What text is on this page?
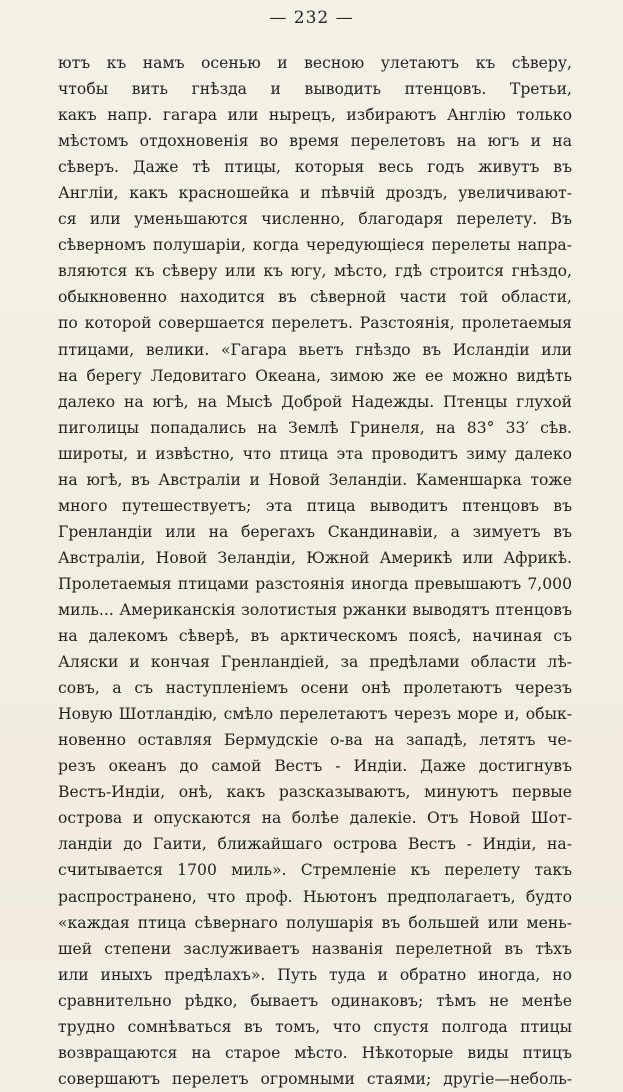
— 232 —
ютъ къ намъ осенью и весною улетаютъ къ сѣверу,
чтобы вить гнѣзда и выводить птенцовъ. Третьи,
какъ напр. гагара или нырецъ, избираютъ Англію только
мѣстомъ отдохновенія во время перелетовъ на югъ и на
сѣверъ. Даже тѣ птицы, которыя весь годъ живутъ въ
Англіи, какъ красношейка и пѣвчій дроздъ, увеличивают-
ся или уменьшаются численно, благодаря перелету. Въ
сѣверномъ полушаріи, когда чередующіеся перелеты напра-
вляются къ сѣверу или къ югу, мѣсто, гдѣ строится гнѣздо,
обыкновенно находится въ сѣверной части той области,
по которой совершается перелетъ. Разстоянія, пролетаемыя
птицами, велики. «Гагара вьетъ гнѣздо въ Исландіи или
на берегу Ледовитаго Океана, зимою же ее можно видѣть
далеко на югѣ, на Мысѣ Доброй Надежды. Птенцы глухой
пиголицы попадались на Землѣ Гринеля, на 83° 33′ сѣв.
широты, и извѣстно, что птица эта проводитъ зиму далеко
на югѣ, въ Австраліи и Новой Зеландіи. Каменшарка тоже
много путешествуетъ; эта птица выводитъ птенцовъ въ
Гренландіи или на берегахъ Скандинавіи, а зимуетъ въ
Австраліи, Новой Зеландіи, Южной Америкѣ или Африкѣ.
Пролетаемыя птицами разстоянія иногда превышаютъ 7,000
миль... Американскія золотистыя ржанки выводятъ птенцовъ
на далекомъ сѣверѣ, въ арктическомъ поясѣ, начиная съ
Аляски и кончая Гренландіей, за предѣлами области лѣ-
совъ, а съ наступленіемъ осени онѣ пролетаютъ черезъ
Новую Шотландію, смѣло перелетаютъ черезъ море и, обык-
новенно оставляя Бермудскіе о-ва на западѣ, летятъ че-
резъ океанъ до самой Вестъ - Индіи. Даже достигнувъ
Вестъ-Индіи, онѣ, какъ разсказываютъ, минуютъ первые
острова и опускаются на болѣе далекіе. Отъ Новой Шот-
ландіи до Гаити, ближайшаго острова Вестъ - Индіи, на-
считывается 1700 миль». Стремленіе къ перелету такъ
распространено, что проф. Ньютонъ предполагаетъ, будто
«каждая птица сѣвернаго полушарія въ большей или мень-
шей степени заслуживаетъ названія перелетной въ тѣхъ
или иныхъ предѣлахъ». Путь туда и обратно иногда, но
сравнительно рѣдко, бываетъ одинаковъ; тѣмъ не менѣе
трудно сомнѣваться въ томъ, что спустя полгода птицы
возвращаются на старое мѣсто. Нѣкоторые виды птицъ
совершаютъ перелетъ огромными стаями; другіе—неболь-
